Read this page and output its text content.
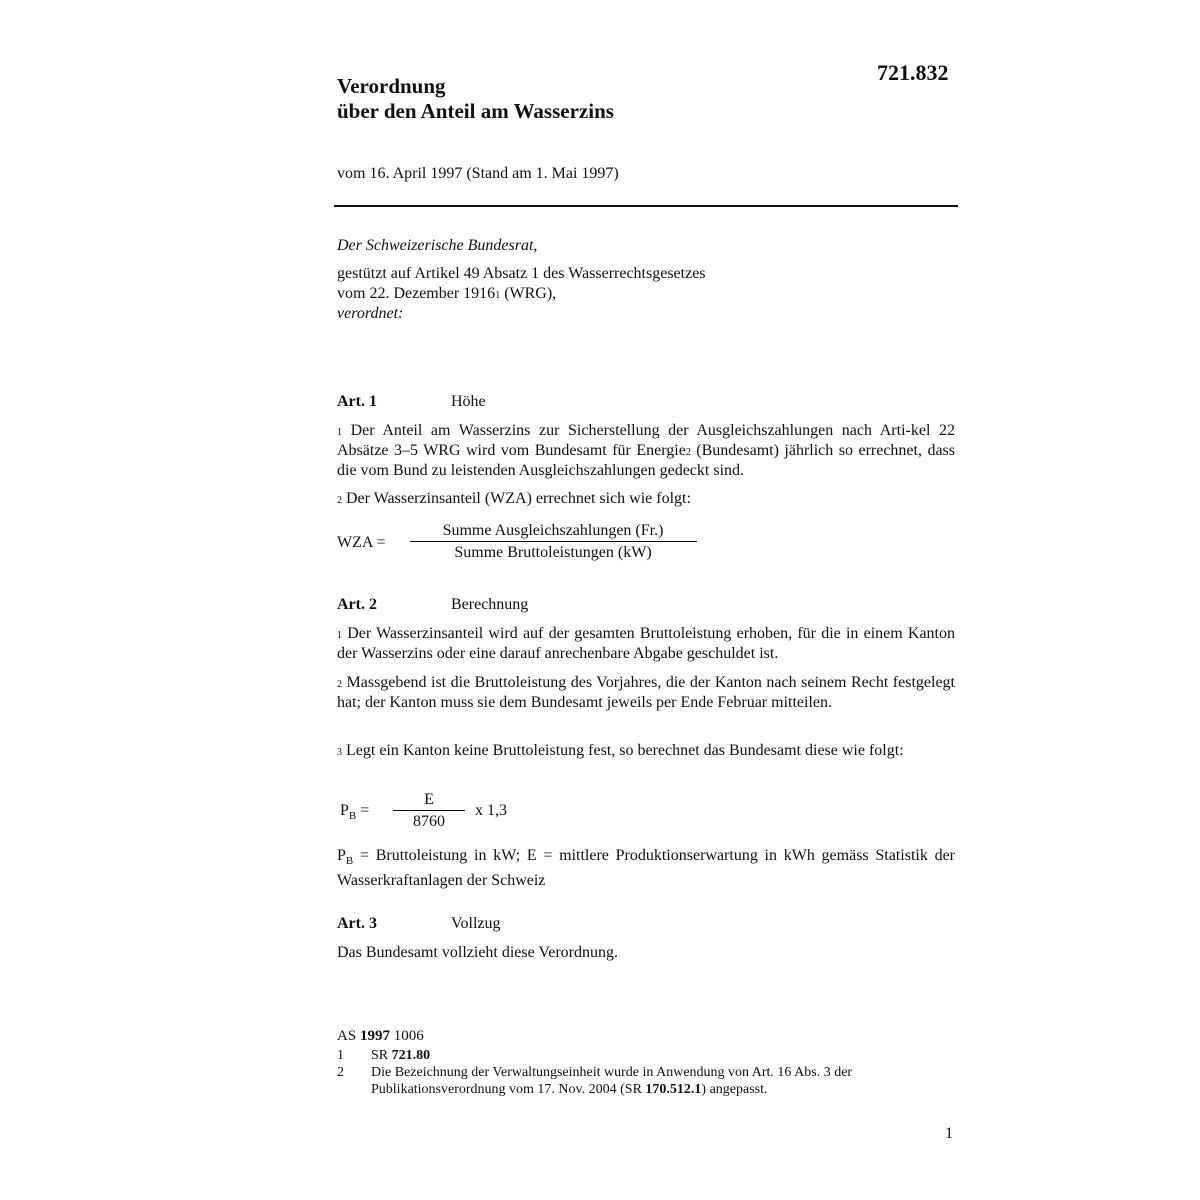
721.832
Verordnung
über den Anteil am Wasserzins
vom 16. April 1997 (Stand am 1. Mai 1997)
Der Schweizerische Bundesrat,
gestützt auf Artikel 49 Absatz 1 des Wasserrechtsgesetzes
vom 22. Dezember 1916$^1$ (WRG),
verordnet:
Art. 1	Höhe
$^1$ Der Anteil am Wasserzins zur Sicherstellung der Ausgleichszahlungen nach Arti-kel 22 Absätze 3–5 WRG wird vom Bundesamt für Energie$^2$ (Bundesamt) jährlich so errechnet, dass die vom Bund zu leistenden Ausgleichszahlungen gedeckt sind.
$^2$ Der Wasserzinsanteil (WZA) errechnet sich wie folgt:
WZA =
Summe Ausgleichszahlungen (Fr.)
Summe Bruttoleistungen (kW)
Art. 2	Berechnung
$^1$ Der Wasserzinsanteil wird auf der gesamten Bruttoleistung erhoben, für die in einem Kanton der Wasserzins oder eine darauf anrechenbare Abgabe geschuldet ist.
$^2$ Massgebend ist die Bruttoleistung des Vorjahres, die der Kanton nach seinem Recht festgelegt hat; der Kanton muss sie dem Bundesamt jeweils per Ende Februar mitteilen.
$^3$ Legt ein Kanton keine Bruttoleistung fest, so berechnet das Bundesamt diese wie folgt:
$P_B$ =
E
8760
x 1,3
$P_B$ = Bruttoleistung in kW; E = mittlere Produktionserwartung in kWh gemäss Statistik der Wasserkraftanlagen der Schweiz
Art. 3	Vollzug
Das Bundesamt vollzieht diese Verordnung.
AS 1997 1006
1 SR 721.80
2 Die Bezeichnung der Verwaltungseinheit wurde in Anwendung von Art. 16 Abs. 3 der Publikationsverordnung vom 17. Nov. 2004 (SR 170.512.1) angepasst.
1
